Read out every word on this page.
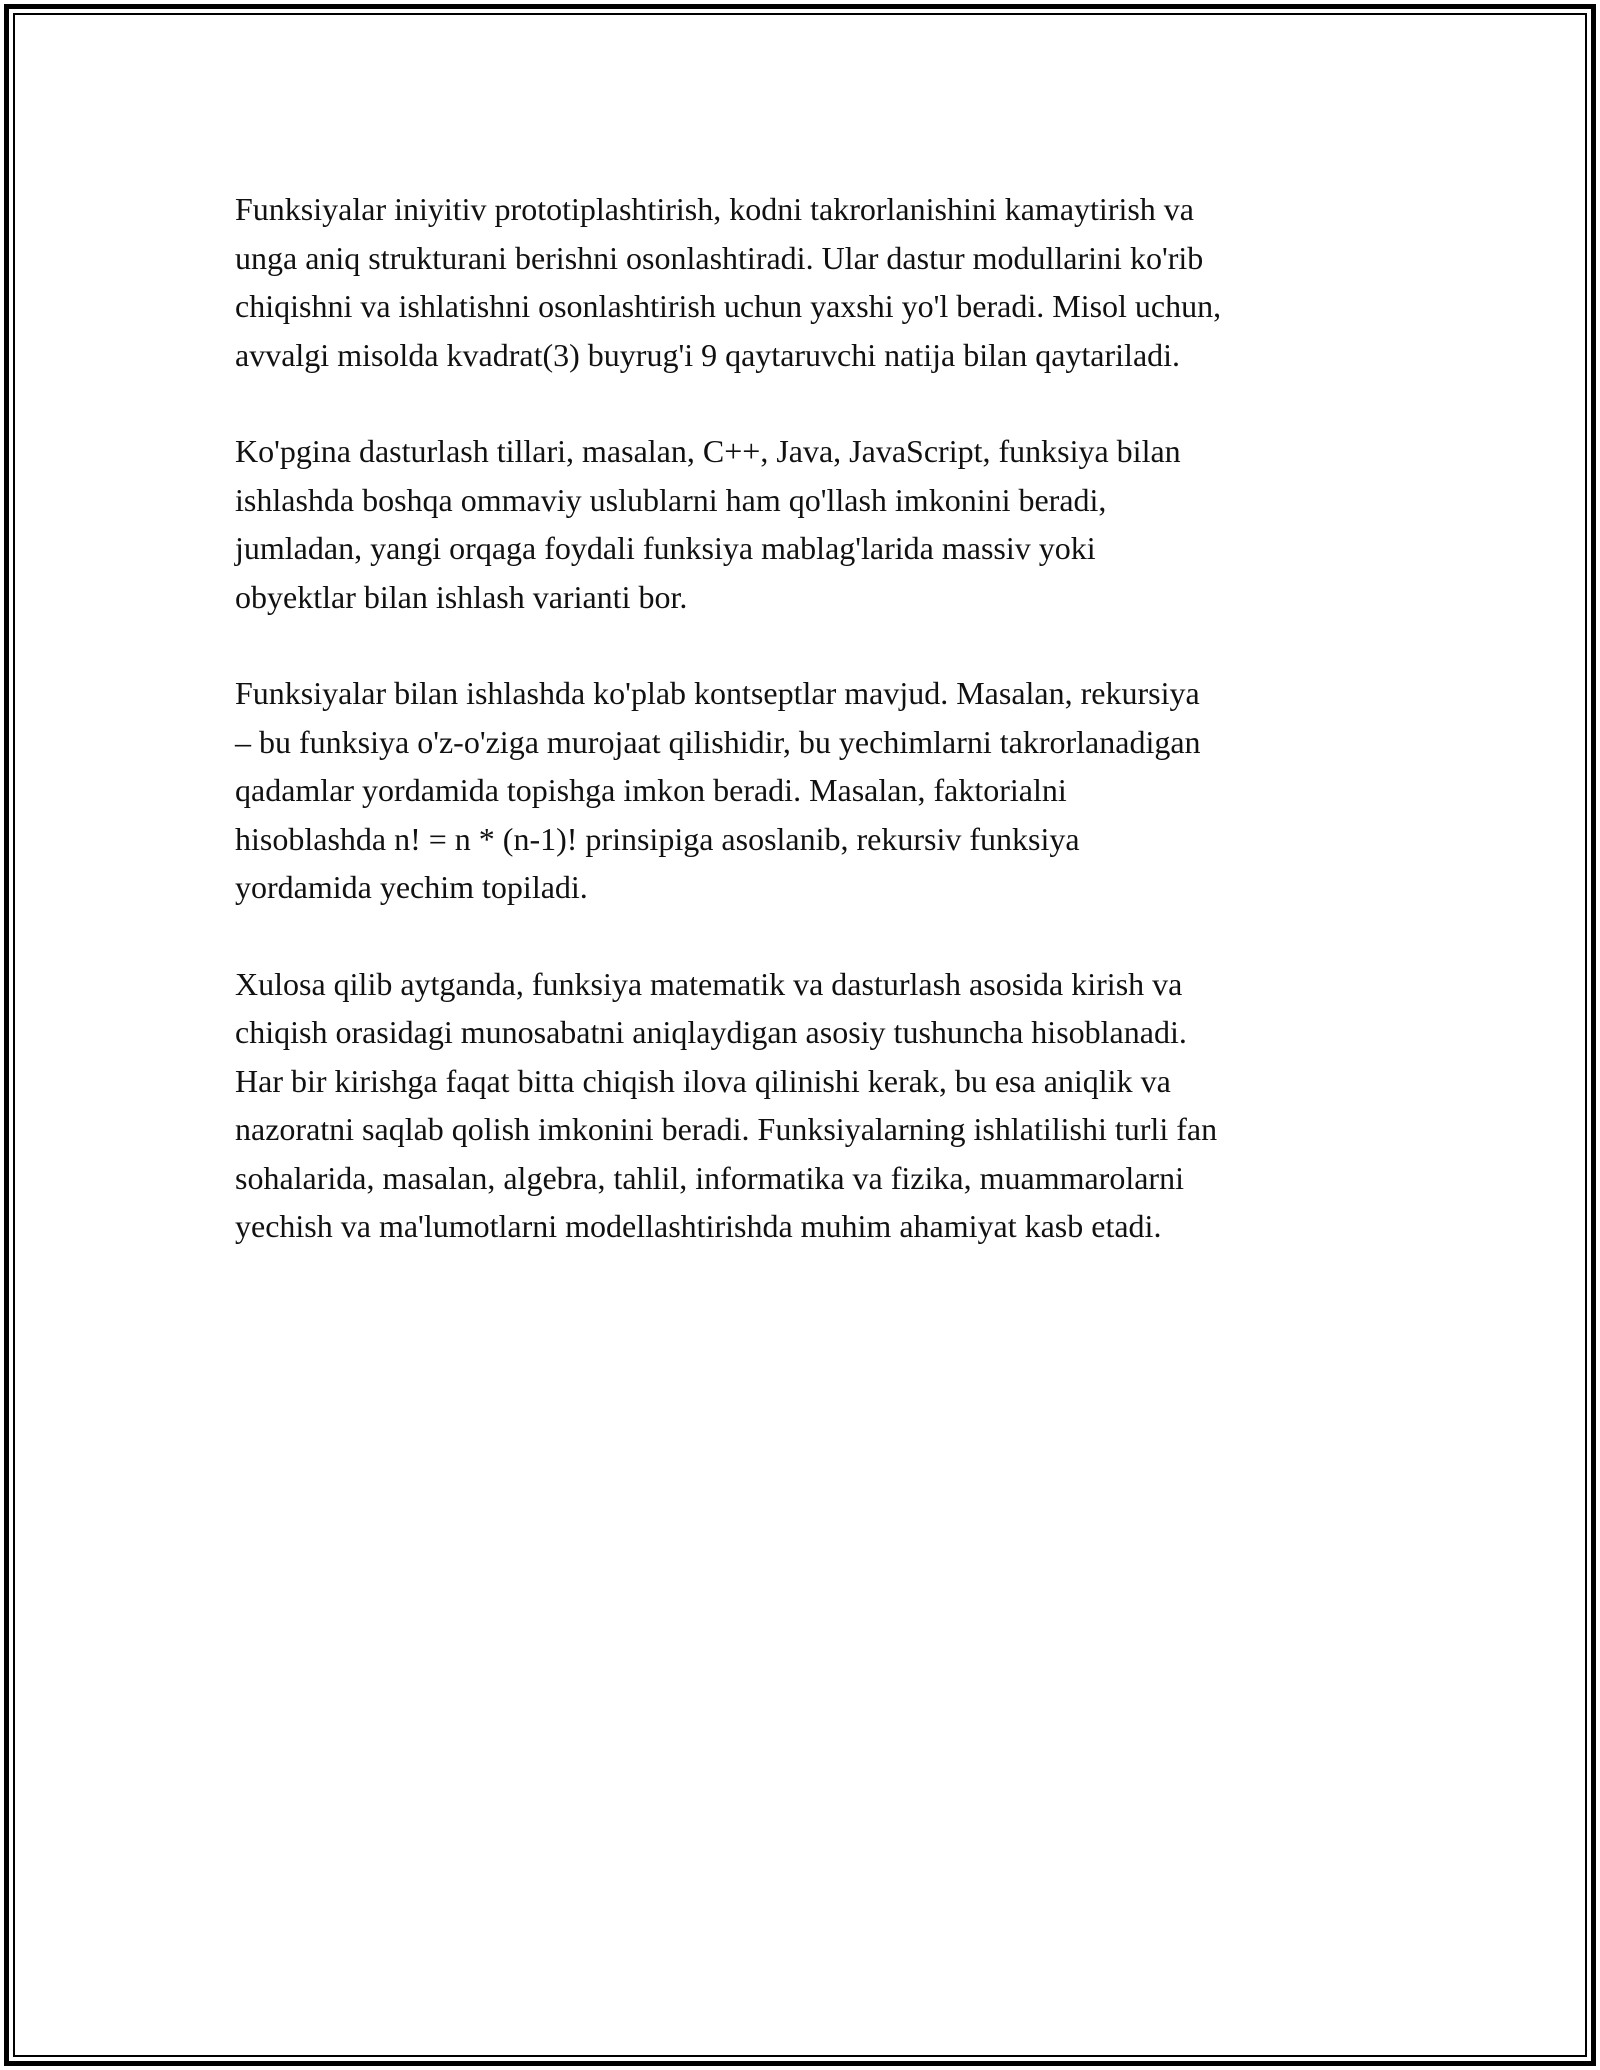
Funksiyalar iniyitiv prototiplashtirish, kodni takrorlanishini kamaytirish va
unga aniq strukturani berishni osonlashtiradi. Ular dastur modullarini ko'rib
chiqishni va ishlatishni osonlashtirish uchun yaxshi yo'l beradi. Misol uchun,
avvalgi misolda kvadrat(3) buyrug'i 9 qaytaruvchi natija bilan qaytariladi.

Ko'pgina dasturlash tillari, masalan, C++, Java, JavaScript, funksiya bilan
ishlashda boshqa ommaviy uslublarni ham qo'llash imkonini beradi,
jumladan, yangi orqaga foydali funksiya mablag'larida massiv yoki
obyektlar bilan ishlash varianti bor.

Funksiyalar bilan ishlashda ko'plab kontseptlar mavjud. Masalan, rekursiya
– bu funksiya o'z-o'ziga murojaat qilishidir, bu yechimlarni takrorlanadigan
qadamlar yordamida topishga imkon beradi. Masalan, faktorialni
hisoblashda n! = n * (n-1)! prinsipiga asoslanib, rekursiv funksiya
yordamida yechim topiladi.

Xulosa qilib aytganda, funksiya matematik va dasturlash asosida kirish va
chiqish orasidagi munosabatni aniqlaydigan asosiy tushuncha hisoblanadi.
Har bir kirishga faqat bitta chiqish ilova qilinishi kerak, bu esa aniqlik va
nazoratni saqlab qolish imkonini beradi. Funksiyalarning ishlatilishi turli fan
sohalarida, masalan, algebra, tahlil, informatika va fizika, muammarolarni
yechish va ma'lumotlarni modellashtirishda muhim ahamiyat kasb etadi.
